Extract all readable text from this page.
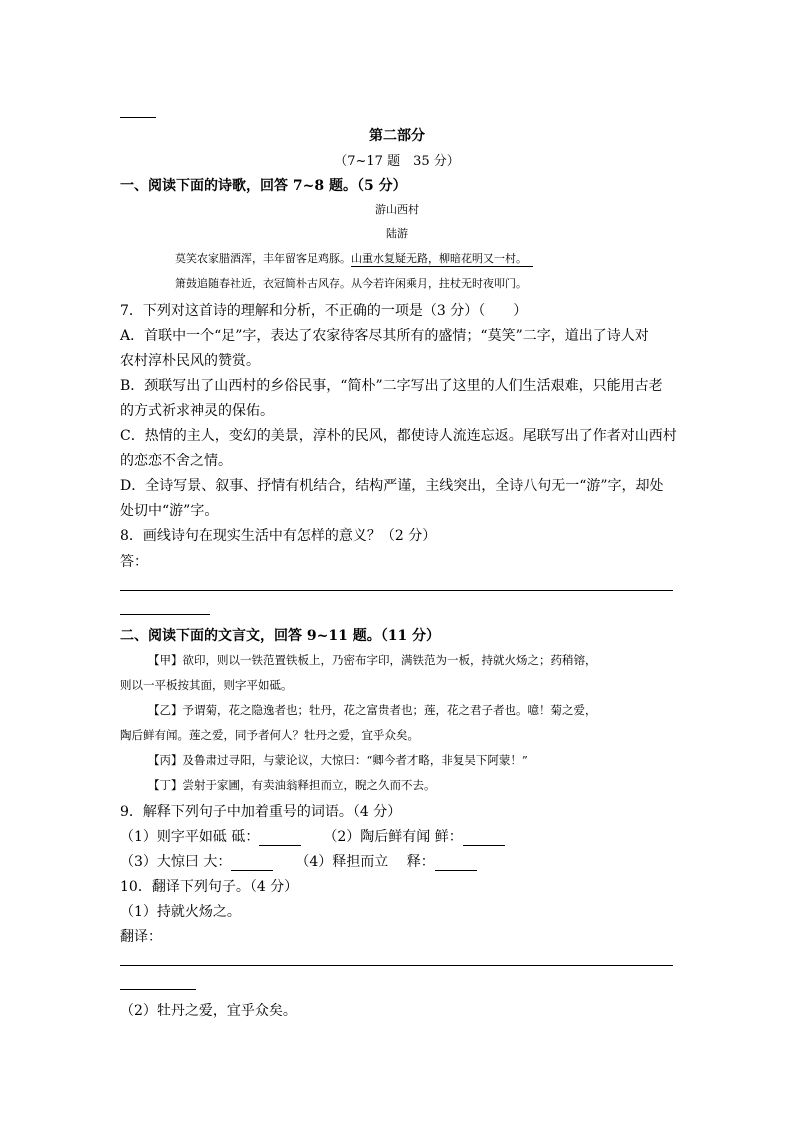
第二部分
（7~17 题　35 分）
一、阅读下面的诗歌，回答 7~8 题。（5 分）
游山西村
陆游
莫笑农家腊酒浑，丰年留客足鸡豚。山重水复疑无路，柳暗花明又一村。
箫鼓追随春社近，衣冠简朴古风存。从今若许闲乘月，拄杖无时夜叩门。
7．下列对这首诗的理解和分析，不正确的一项是（3 分）（　　）
A．首联中一个“足”字，表达了农家待客尽其所有的盛情；“莫笑”二字，道出了诗人对
农村淳朴民风的赞赏。
B．颈联写出了山西村的乡俗民事，“简朴”二字写出了这里的人们生活艰难，只能用古老
的方式祈求神灵的保佑。
C．热情的主人，变幻的美景，淳朴的民风，都使诗人流连忘返。尾联写出了作者对山西村
的恋恋不舍之情。
D．全诗写景、叙事、抒情有机结合，结构严谨，主线突出，全诗八句无一“游”字，却处
处切中“游”字。
8．画线诗句在现实生活中有怎样的意义？（2 分）
答：
二、阅读下面的文言文，回答 9~11 题。（11 分）
【甲】欲印，则以一铁范置铁板上，乃密布字印，满铁范为一板，持就火炀之；药稍镕，
则以一平板按其面，则字平如砥。
【乙】予谓菊，花之隐逸者也；牡丹，花之富贵者也；莲，花之君子者也。噫！菊之爱，
陶后鲜有闻。莲之爱，同予者何人？牡丹之爱，宜乎众矣。
【丙】及鲁肃过寻阳，与蒙论议，大惊曰：“卿今者才略，非复吴下阿蒙！”
【丁】尝射于家圃，有卖油翁释担而立，睨之久而不去。
9．解释下列句子中加着重号的词语。（4 分）
（1）则字平如砥 砥：	（2）陶后鲜有闻 鲜：
（3）大惊曰 大：	（4）释担而立　 释：
10．翻译下列句子。（4 分）
（1）持就火炀之。
翻译：
（2）牡丹之爱，宜乎众矣。
